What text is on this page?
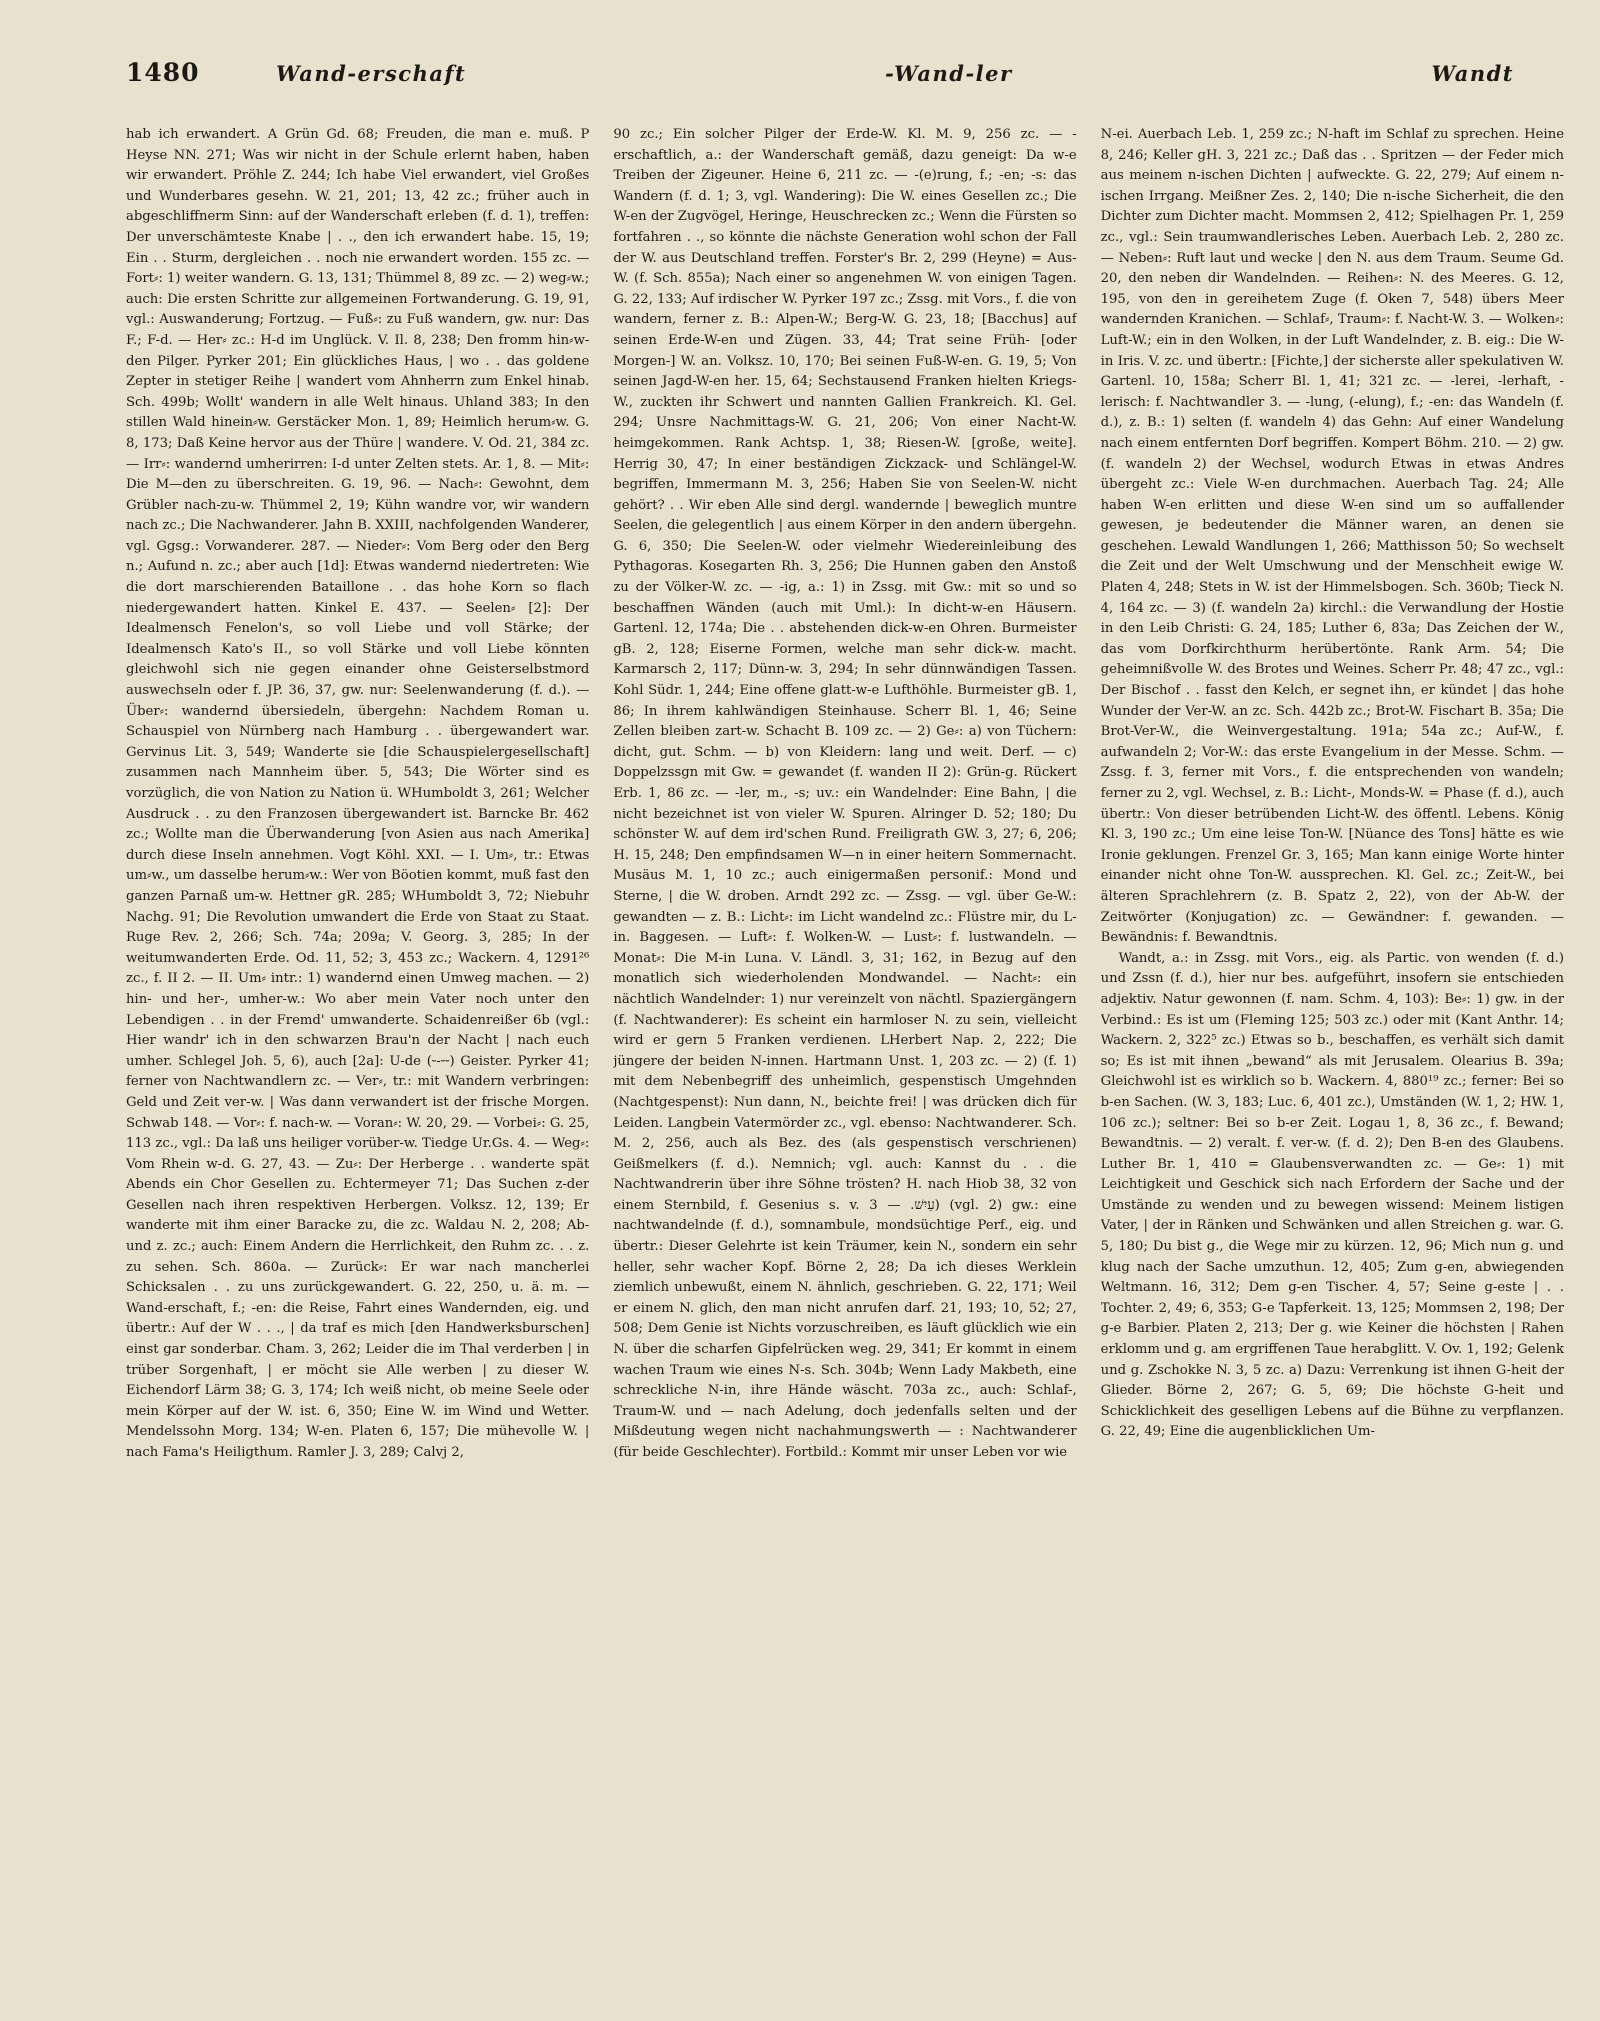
1480	Wand-erschaft	-Wand-ler	Wandt

hab ich erwandert. A Grün Gd. 68; Freuden, die man e. muß. P Heyse NN. 271; Was wir nicht in der Schule erlernt haben, haben wir erwandert. Pröhle Z. 244; Ich habe Viel erwandert, viel Großes und Wunderbares gesehn. W. 21, 201; 13, 42 zc.; früher auch in abgeschliffnerm Sinn: auf der Wanderschaft erleben (f. d. 1), treffen: Der unverschämteste Knabe | . ., den ich erwandert habe. 15, 19; Ein . . Sturm, dergleichen . . noch nie erwandert worden. 155 zc. — Fort⸗: 1) weiter wandern. G. 13, 131; Thümmel 8, 89 zc. — 2) weg⸗w.; auch: Die ersten Schritte zur allgemeinen Fortwanderung. G. 19, 91, vgl.: Auswanderung; Fortzug. — Fuß⸗: zu Fuß wandern, gw. nur: Das F.; F-d. — Her⸗ zc.: H-d im Unglück. V. Il. 8, 238; Den fromm hin⸗w-den Pilger. Pyrker 201; Ein glückliches Haus, | wo . . das goldene Zepter in stetiger Reihe | wandert vom Ahnherrn zum Enkel hinab. Sch. 499b; Wollt' wandern in alle Welt hinaus. Uhland 383; In den stillen Wald hinein⸗w. Gerstäcker Mon. 1, 89; Heimlich herum⸗w. G. 8, 173; Daß Keine hervor aus der Thüre | wandere. V. Od. 21, 384 zc. — Irr⸗: wandernd umherirren: I-d unter Zelten stets. Ar. 1, 8. — Mit⸗: Die M—den zu überschreiten. G. 19, 96. — Nach⸗: Gewohnt, dem Grübler nach-zu-w. Thümmel 2, 19; Kühn wandre vor, wir wandern nach zc.; Die Nachwanderer. Jahn B. XXIII, nachfolgenden Wanderer, vgl. Ggsg.: Vorwanderer. 287. — Nieder⸗: Vom Berg oder den Berg n.; Aufund n. zc.; aber auch [1d]: Etwas wandernd niedertreten: Wie die dort marschierenden Bataillone . . das hohe Korn so flach niedergewandert hatten. Kinkel E. 437. — Seelen⸗ [2]: Der Idealmensch Fenelon's, so voll Liebe und voll Stärke; der Idealmensch Kato's II., so voll Stärke und voll Liebe könnten gleichwohl sich nie gegen einander ohne Geisterselbstmord auswechseln oder f. JP. 36, 37, gw. nur: Seelenwanderung (f. d.). — Über⸗: wandernd übersiedeln, übergehn: Nachdem Roman u. Schauspiel von Nürnberg nach Hamburg . . übergewandert war. Gervinus Lit. 3, 549; Wanderte sie [die Schauspielergesellschaft] zusammen nach Mannheim über. 5, 543; Die Wörter sind es vorzüglich, die von Nation zu Nation ü. WHumboldt 3, 261; Welcher Ausdruck . . zu den Franzosen übergewandert ist. Barncke Br. 462 zc.; Wollte man die Überwanderung [von Asien aus nach Amerika] durch diese Inseln annehmen. Vogt Köhl. XXI. — I. Um⸗, tr.: Etwas um⸗w., um dasselbe herum⸗w.: Wer von Böotien kommt, muß fast den ganzen Parnaß um-w. Hettner gR. 285; WHumboldt 3, 72; Niebuhr Nachg. 91; Die Revolution umwandert die Erde von Staat zu Staat. Ruge Rev. 2, 266; Sch. 74a; 209a; V. Georg. 3, 285; In der weitumwanderten Erde. Od. 11, 52; 3, 453 zc.; Wackern. 4, 1291²⁶ zc., f. II 2. — II. Um⸗ intr.: 1) wandernd einen Umweg machen. — 2) hin- und her-, umher-w.: Wo aber mein Vater noch unter den Lebendigen . . in der Fremd' umwanderte. Schaidenreißer 6b (vgl.: Hier wandr' ich in den schwarzen Brau'n der Nacht | nach euch umher. Schlegel Joh. 5, 6), auch [2a]: U-de (⏑-⏑⏑) Geister. Pyrker 41; ferner von Nachtwandlern zc. — Ver⸗, tr.: mit Wandern verbringen: Geld und Zeit ver-w. | Was dann verwandert ist der frische Morgen. Schwab 148. — Vor⸗: f. nach-w. — Voran⸗: W. 20, 29. — Vorbei⸗: G. 25, 113 zc., vgl.: Da laß uns heiliger vorüber-w. Tiedge Ur.Gs. 4. — Weg⸗: Vom Rhein w-d. G. 27, 43. — Zu⸗: Der Herberge . . wanderte spät Abends ein Chor Gesellen zu. Echtermeyer 71; Das Suchen z-der Gesellen nach ihren respektiven Herbergen. Volksz. 12, 139; Er wanderte mit ihm einer Baracke zu, die zc. Waldau N. 2, 208; Ab- und z. zc.; auch: Einem Andern die Herrlichkeit, den Ruhm zc. . . z. zu sehen. Sch. 860a. — Zurück⸗: Er war nach mancherlei Schicksalen . . zu uns zurückgewandert. G. 22, 250, u. ä. m. — Wand-erschaft, f.; -en: die Reise, Fahrt eines Wandernden, eig. und übertr.: Auf der W . . ., | da traf es mich [den Handwerksburschen] einst gar sonderbar. Cham. 3, 262; Leider die im Thal verderben | in trüber Sorgenhaft, | er möcht sie Alle werben | zu dieser W. Eichendorf Lärm 38; G. 3, 174; Ich weiß nicht, ob meine Seele oder mein Körper auf der W. ist. 6, 350; Eine W. im Wind und Wetter. Mendelssohn Morg. 134; W-en. Platen 6, 157; Die mühevolle W. | nach Fama's Heiligthum. Ramler J. 3, 289; Calvj 2,

90 zc.; Ein solcher Pilger der Erde-W. Kl. M. 9, 256 zc. — -erschaftlich, a.: der Wanderschaft gemäß, dazu geneigt: Da w-e Treiben der Zigeuner. Heine 6, 211 zc. — -(e)rung, f.; -en; -s: das Wandern (f. d. 1; 3, vgl. Wandering): Die W. eines Gesellen zc.; Die W-en der Zugvögel, Heringe, Heuschrecken zc.; Wenn die Fürsten so fortfahren . ., so könnte die nächste Generation wohl schon der Fall der W. aus Deutschland treffen. Forster's Br. 2, 299 (Heyne) = Aus-W. (f. Sch. 855a); Nach einer so angenehmen W. von einigen Tagen. G. 22, 133; Auf irdischer W. Pyrker 197 zc.; Zssg. mit Vors., f. die von wandern, ferner z. B.: Alpen-W.; Berg-W. G. 23, 18; [Bacchus] auf seinen Erde-W-en und Zügen. 33, 44; Trat seine Früh- [oder Morgen-] W. an. Volksz. 10, 170; Bei seinen Fuß-W-en. G. 19, 5; Von seinen Jagd-W-en her. 15, 64; Sechstausend Franken hielten Kriegs-W., zuckten ihr Schwert und nannten Gallien Frankreich. Kl. Gel. 294; Unsre Nachmittags-W. G. 21, 206; Von einer Nacht-W. heimgekommen. Rank Achtsp. 1, 38; Riesen-W. [große, weite]. Herrig 30, 47; In einer beständigen Zickzack- und Schlängel-W. begriffen, Immermann M. 3, 256; Haben Sie von Seelen-W. nicht gehört? . . Wir eben Alle sind dergl. wandernde | beweglich muntre Seelen, die gelegentlich | aus einem Körper in den andern übergehn. G. 6, 350; Die Seelen-W. oder vielmehr Wiedereinleibung des Pythagoras. Kosegarten Rh. 3, 256; Die Hunnen gaben den Anstoß zu der Völker-W. zc. — -ig, a.: 1) in Zssg. mit Gw.: mit so und so beschaffnen Wänden (auch mit Uml.): In dicht-w-en Häusern. Gartenl. 12, 174a; Die . . abstehenden dick-w-en Ohren. Burmeister gB. 2, 128; Eiserne Formen, welche man sehr dick-w. macht. Karmarsch 2, 117; Dünn-w. 3, 294; In sehr dünnwändigen Tassen. Kohl Südr. 1, 244; Eine offene glatt-w-e Lufthöhle. Burmeister gB. 1, 86; In ihrem kahlwändigen Steinhause. Scherr Bl. 1, 46; Seine Zellen bleiben zart-w. Schacht B. 109 zc. — 2) Ge⸗: a) von Tüchern: dicht, gut. Schm. — b) von Kleidern: lang und weit. Derf. — c) Doppelzssgn mit Gw. = gewandet (f. wanden II 2): Grün-g. Rückert Erb. 1, 86 zc. — -ler, m., -s; uv.: ein Wandelnder: Eine Bahn, | die nicht bezeichnet ist von vieler W. Spuren. Alringer D. 52; 180; Du schönster W. auf dem ird'schen Rund. Freiligrath GW. 3, 27; 6, 206; H. 15, 248; Den empfindsamen W—n in einer heitern Sommernacht. Musäus M. 1, 10 zc.; auch einigermaßen personif.: Mond und Sterne, | die W. droben. Arndt 292 zc. — Zssg. — vgl. über Ge-W.: gewandten — z. B.: Licht⸗: im Licht wandelnd zc.: Flüstre mir, du L-in. Baggesen. — Luft⸗: f. Wolken-W. — Lust⸗: f. lustwandeln. — Monat⸗: Die M-in Luna. V. Ländl. 3, 31; 162, in Bezug auf den monatlich sich wiederholenden Mondwandel. — Nacht⸗: ein nächtlich Wandelnder: 1) nur vereinzelt von nächtl. Spaziergängern (f. Nachtwanderer): Es scheint ein harmloser N. zu sein, vielleicht wird er gern 5 Franken verdienen. LHerbert Nap. 2, 222; Die jüngere der beiden N-innen. Hartmann Unst. 1, 203 zc. — 2) (f. 1) mit dem Nebenbegriff des unheimlich, gespenstisch Umgehnden (Nachtgespenst): Nun dann, N., beichte frei! | was drücken dich für Leiden. Langbein Vatermörder zc., vgl. ebenso: Nachtwanderer. Sch. M. 2, 256, auch als Bez. des (als gespenstisch verschrienen) Geißmelkers (f. d.). Nemnich; vgl. auch: Kannst du . . die Nachtwandrerin über ihre Söhne trösten? H. nach Hiob 38, 32 von einem Sternbild, f. Gesenius s. v. עַיִשׁ. — 3) (vgl. 2) gw.: eine nachtwandelnde (f. d.), somnambule, mondsüchtige Perf., eig. und übertr.: Dieser Gelehrte ist kein Träumer, kein N., sondern ein sehr heller, sehr wacher Kopf. Börne 2, 28; Da ich dieses Werklein ziemlich unbewußt, einem N. ähnlich, geschrieben. G. 22, 171; Weil er einem N. glich, den man nicht anrufen darf. 21, 193; 10, 52; 27, 508; Dem Genie ist Nichts vorzuschreiben, es läuft glücklich wie ein N. über die scharfen Gipfelrücken weg. 29, 341; Er kommt in einem wachen Traum wie eines N-s. Sch. 304b; Wenn Lady Makbeth, eine schreckliche N-in, ihre Hände wäscht. 703a zc., auch: Schlaf-, Traum-W. und — nach Adelung, doch jedenfalls selten und der Mißdeutung wegen nicht nachahmungswerth — : Nachtwanderer (für beide Geschlechter). Fortbild.: Kommt mir unser Leben vor wie

N-ei. Auerbach Leb. 1, 259 zc.; N-haft im Schlaf zu sprechen. Heine 8, 246; Keller gH. 3, 221 zc.; Daß das . . Spritzen — der Feder mich aus meinem n-ischen Dichten | aufweckte. G. 22, 279; Auf einem n-ischen Irrgang. Meißner Zes. 2, 140; Die n-ische Sicherheit, die den Dichter zum Dichter macht. Mommsen 2, 412; Spielhagen Pr. 1, 259 zc., vgl.: Sein traumwandlerisches Leben. Auerbach Leb. 2, 280 zc. — Neben⸗: Ruft laut und wecke | den N. aus dem Traum. Seume Gd. 20, den neben dir Wandelnden. — Reihen⸗: N. des Meeres. G. 12, 195, von den in gereihetem Zuge (f. Oken 7, 548) übers Meer wandernden Kranichen. — Schlaf⸗, Traum⸗: f. Nacht-W. 3. — Wolken⸗: Luft-W.; ein in den Wolken, in der Luft Wandelnder, z. B. eig.: Die W-in Iris. V. zc. und übertr.: [Fichte,] der sicherste aller spekulativen W. Gartenl. 10, 158a; Scherr Bl. 1, 41; 321 zc. — -lerei, -lerhaft, -lerisch: f. Nachtwandler 3. — -lung, (-elung), f.; -en: das Wandeln (f. d.), z. B.: 1) selten (f. wandeln 4) das Gehn: Auf einer Wandelung nach einem entfernten Dorf begriffen. Kompert Böhm. 210. — 2) gw. (f. wandeln 2) der Wechsel, wodurch Etwas in etwas Andres übergeht zc.: Viele W-en durchmachen. Auerbach Tag. 24; Alle haben W-en erlitten und diese W-en sind um so auffallender gewesen, je bedeutender die Männer waren, an denen sie geschehen. Lewald Wandlungen 1, 266; Matthisson 50; So wechselt die Zeit und der Welt Umschwung und der Menschheit ewige W. Platen 4, 248; Stets in W. ist der Himmelsbogen. Sch. 360b; Tieck N. 4, 164 zc. — 3) (f. wandeln 2a) kirchl.: die Verwandlung der Hostie in den Leib Christi: G. 24, 185; Luther 6, 83a; Das Zeichen der W., das vom Dorfkirchthurm herübertönte. Rank Arm. 54; Die geheimnißvolle W. des Brotes und Weines. Scherr Pr. 48; 47 zc., vgl.: Der Bischof . . fasst den Kelch, er segnet ihn, er kündet | das hohe Wunder der Ver-W. an zc. Sch. 442b zc.; Brot-W. Fischart B. 35a; Die Brot-Ver-W., die Weinvergestaltung. 191a; 54a zc.; Auf-W., f. aufwandeln 2; Vor-W.: das erste Evangelium in der Messe. Schm. — Zssg. f. 3, ferner mit Vors., f. die entsprechenden von wandeln; ferner zu 2, vgl. Wechsel, z. B.: Licht-, Monds-W. = Phase (f. d.), auch übertr.: Von dieser betrübenden Licht-W. des öffentl. Lebens. König Kl. 3, 190 zc.; Um eine leise Ton-W. [Nüance des Tons] hätte es wie Ironie geklungen. Frenzel Gr. 3, 165; Man kann einige Worte hinter einander nicht ohne Ton-W. aussprechen. Kl. Gel. zc.; Zeit-W., bei älteren Sprachlehrern (z. B. Spatz 2, 22), von der Ab-W. der Zeitwörter (Konjugation) zc. — Gewändner: f. gewanden. — Bewändnis: f. Bewandtnis.

Wandt, a.: in Zssg. mit Vors., eig. als Partic. von wenden (f. d.) und Zssn (f. d.), hier nur bes. aufgeführt, insofern sie entschieden adjektiv. Natur gewonnen (f. nam. Schm. 4, 103): Be⸗: 1) gw. in der Verbind.: Es ist um (Fleming 125; 503 zc.) oder mit (Kant Anthr. 14; Wackern. 2, 322⁵ zc.) Etwas so b., beschaffen, es verhält sich damit so; Es ist mit ihnen „bewand“ als mit Jerusalem. Olearius B. 39a; Gleichwohl ist es wirklich so b. Wackern. 4, 880¹⁹ zc.; ferner: Bei so b-en Sachen. (W. 3, 183; Luc. 6, 401 zc.), Umständen (W. 1, 2; HW. 1, 106 zc.); seltner: Bei so b-er Zeit. Logau 1, 8, 36 zc., f. Bewand; Bewandtnis. — 2) veralt. f. ver-w. (f. d. 2); Den B-en des Glaubens. Luther Br. 1, 410 = Glaubensverwandten zc. — Ge⸗: 1) mit Leichtigkeit und Geschick sich nach Erfordern der Sache und der Umstände zu wenden und zu bewegen wissend: Meinem listigen Vater, | der in Ränken und Schwänken und allen Streichen g. war. G. 5, 180; Du bist g., die Wege mir zu kürzen. 12, 96; Mich nun g. und klug nach der Sache umzuthun. 12, 405; Zum g-en, abwiegenden Weltmann. 16, 312; Dem g-en Tischer. 4, 57; Seine g-este | . . Tochter. 2, 49; 6, 353; G-e Tapferkeit. 13, 125; Mommsen 2, 198; Der g-e Barbier. Platen 2, 213; Der g. wie Keiner die höchsten | Rahen erklomm und g. am ergriffenen Taue herabglitt. V. Ov. 1, 192; Gelenk und g. Zschokke N. 3, 5 zc. a) Dazu: Verrenkung ist ihnen G-heit der Glieder. Börne 2, 267; G. 5, 69; Die höchste G-heit und Schicklichkeit des geselligen Lebens auf die Bühne zu verpflanzen. G. 22, 49; Eine die augenblicklichen Um-
